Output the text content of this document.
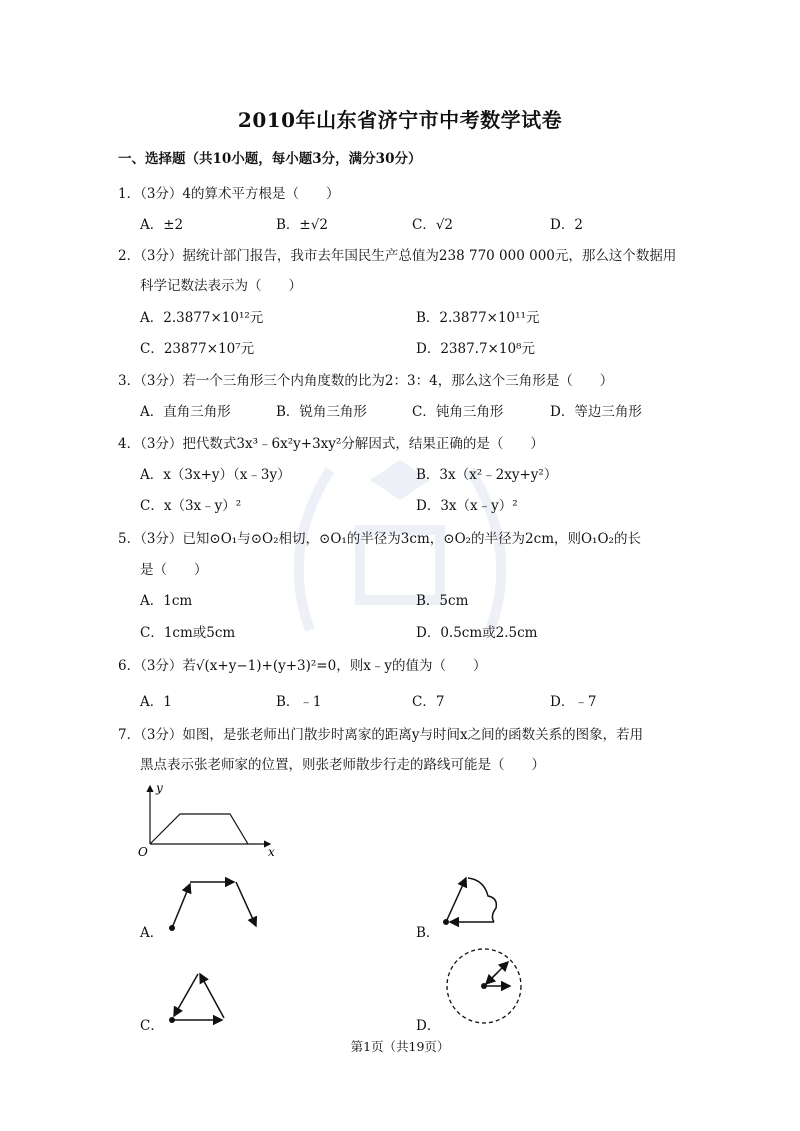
2010年山东省济宁市中考数学试卷
一、选择题（共10小题，每小题3分，满分30分）
1．（3分）4的算术平方根是（　　）
A．±2	B．±√2	C．√2	D．2
2．（3分）据统计部门报告，我市去年国民生产总值为238 770 000 000元，那么这个数据用
科学记数法表示为（　　）
A．2.3877×10¹²元	B．2.3877×10¹¹元
C．23877×10⁷元	D．2387.7×10⁸元
3．（3分）若一个三角形三个内角度数的比为2：3：4，那么这个三角形是（　　）
A．直角三角形	B．锐角三角形	C．钝角三角形	D．等边三角形
4．（3分）把代数式3x³﹣6x²y+3xy²分解因式，结果正确的是（　　）
A．x（3x+y）（x﹣3y）	B．3x（x²﹣2xy+y²）
C．x（3x﹣y）²	D．3x（x﹣y）²
5．（3分）已知⊙O₁与⊙O₂相切，⊙O₁的半径为3cm，⊙O₂的半径为2cm，则O₁O₂的长
是（　　）
A．1cm	B．5cm
C．1cm或5cm	D．0.5cm或2.5cm
6．（3分）若√(x+y−1)+(y+3)²=0，则x﹣y的值为（　　）
A．1	B．﹣1	C．7	D．﹣7
7．（3分）如图，是张老师出门散步时离家的距离y与时间x之间的函数关系的图象，若用
黑点表示张老师家的位置，则张老师散步行走的路线可能是（　　）
y
x
O
A．	B．
C．	D．
第1页（共19页）
